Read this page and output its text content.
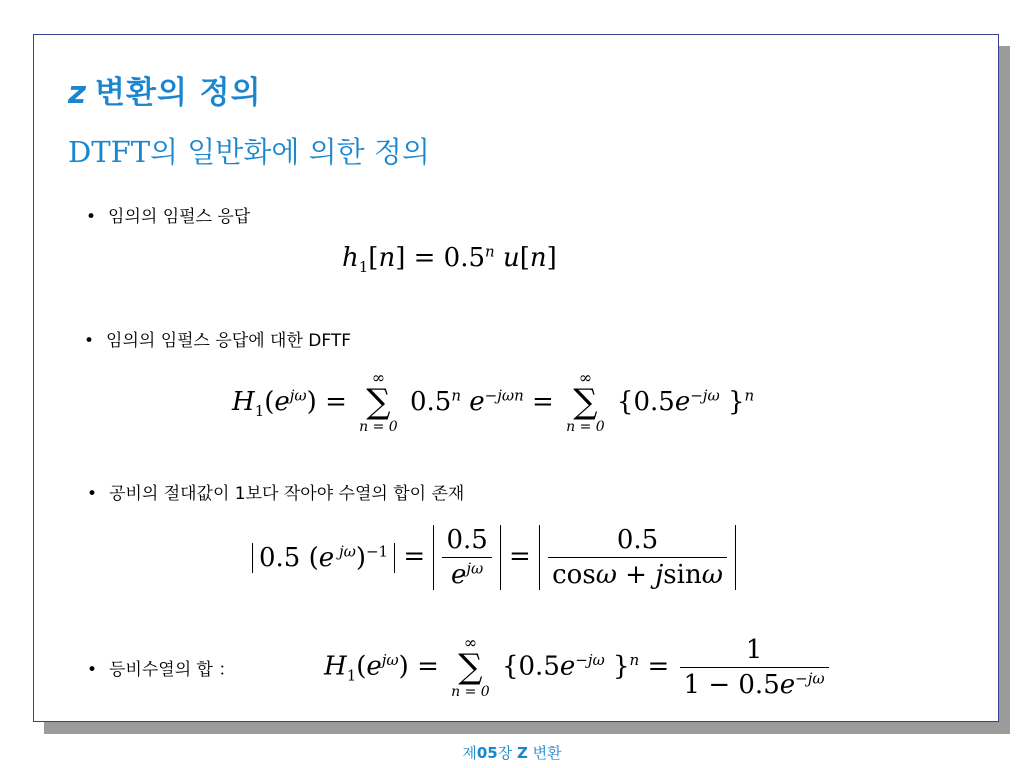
z 변환의 정의
DTFT의 일반화에 의한 정의
• 임의의 임펄스 응답
$h_1[n] = 0.5^n$ u[n]
• 임의의 임펄스 응답에 대한 DFTF
$H_1(e^{j\omega})$ =
∞
∑
n = 0
0.5$^n$ $e^{-j\omega n}$ =
∞
∑
n = 0
{$0.5e^{-j\omega}$ }$^n$
• 공비의 절대값이 1보다 작아야 수열의 합이 존재
0.5 (e $^{j\omega})^{-1} = \frac{0.5}{e^{j\omega}} = \frac{0.5}{\cos\omega + jsin\omega}$
• 등비수열의 합 ：	$H_1(e^{j\omega})$ =
∞
∑
n = 0
{$0.5e^{-j\omega}$ }$^n = \frac{1}{1 - 0.5e^{-j\omega}}$
제05장 Z 변환
